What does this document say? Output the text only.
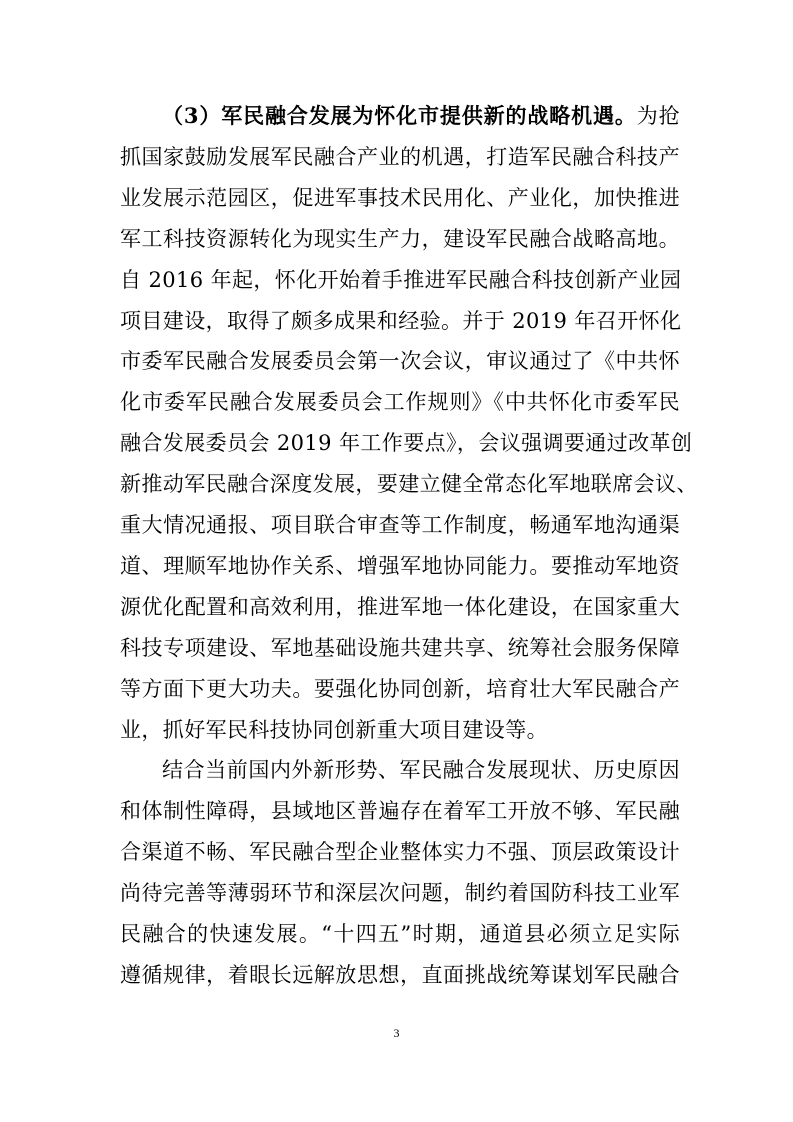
（3）军民融合发展为怀化市提供新的战略机遇。为抢
抓国家鼓励发展军民融合产业的机遇，打造军民融合科技产
业发展示范园区，促进军事技术民用化、产业化，加快推进
军工科技资源转化为现实生产力，建设军民融合战略高地。
自 2016 年起，怀化开始着手推进军民融合科技创新产业园
项目建设，取得了颇多成果和经验。并于 2019 年召开怀化
市委军民融合发展委员会第一次会议，审议通过了《中共怀
化市委军民融合发展委员会工作规则》《中共怀化市委军民
融合发展委员会 2019 年工作要点》，会议强调要通过改革创
新推动军民融合深度发展，要建立健全常态化军地联席会议、
重大情况通报、项目联合审查等工作制度，畅通军地沟通渠
道、理顺军地协作关系、增强军地协同能力。要推动军地资
源优化配置和高效利用，推进军地一体化建设，在国家重大
科技专项建设、军地基础设施共建共享、统筹社会服务保障
等方面下更大功夫。要强化协同创新，培育壮大军民融合产
业，抓好军民科技协同创新重大项目建设等。
结合当前国内外新形势、军民融合发展现状、历史原因
和体制性障碍，县域地区普遍存在着军工开放不够、军民融
合渠道不畅、军民融合型企业整体实力不强、顶层政策设计
尚待完善等薄弱环节和深层次问题，制约着国防科技工业军
民融合的快速发展。“十四五”时期，通道县必须立足实际
遵循规律，着眼长远解放思想，直面挑战统筹谋划军民融合
3
